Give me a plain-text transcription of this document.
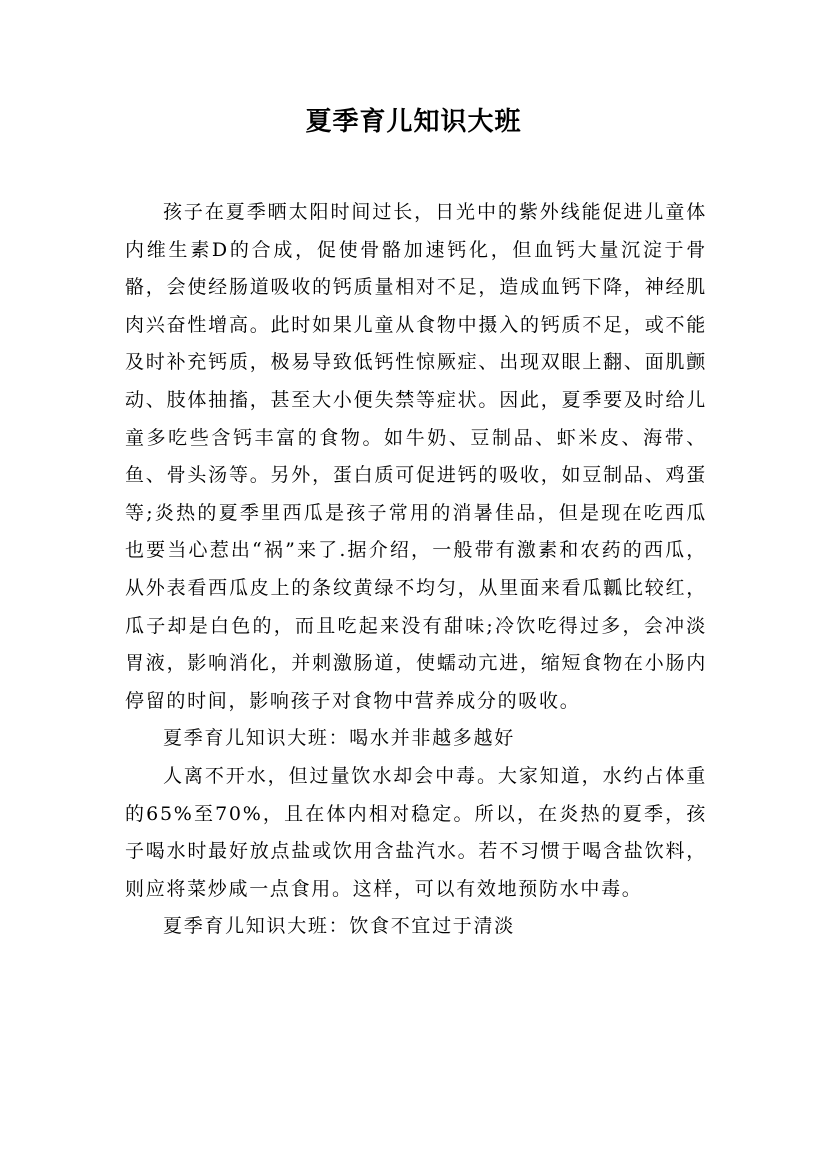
夏季育儿知识大班

孩子在夏季晒太阳时间过长，日光中的紫外线能促进儿童体内维生素D的合成，促使骨骼加速钙化，但血钙大量沉淀于骨骼，会使经肠道吸收的钙质量相对不足，造成血钙下降，神经肌肉兴奋性增高。此时如果儿童从食物中摄入的钙质不足，或不能及时补充钙质，极易导致低钙性惊厥症、出现双眼上翻、面肌颤动、肢体抽搐，甚至大小便失禁等症状。因此，夏季要及时给儿童多吃些含钙丰富的食物。如牛奶、豆制品、虾米皮、海带、鱼、骨头汤等。另外，蛋白质可促进钙的吸收，如豆制品、鸡蛋等;炎热的夏季里西瓜是孩子常用的消暑佳品，但是现在吃西瓜也要当心惹出“祸”来了.据介绍，一般带有激素和农药的西瓜，从外表看西瓜皮上的条纹黄绿不均匀，从里面来看瓜瓤比较红，瓜子却是白色的，而且吃起来没有甜味;冷饮吃得过多，会冲淡胃液，影响消化，并刺激肠道，使蠕动亢进，缩短食物在小肠内停留的时间，影响孩子对食物中营养成分的吸收。

夏季育儿知识大班：喝水并非越多越好

人离不开水，但过量饮水却会中毒。大家知道，水约占体重的65%至70%，且在体内相对稳定。所以，在炎热的夏季，孩子喝水时最好放点盐或饮用含盐汽水。若不习惯于喝含盐饮料，则应将菜炒咸一点食用。这样，可以有效地预防水中毒。

夏季育儿知识大班：饮食不宜过于清淡
